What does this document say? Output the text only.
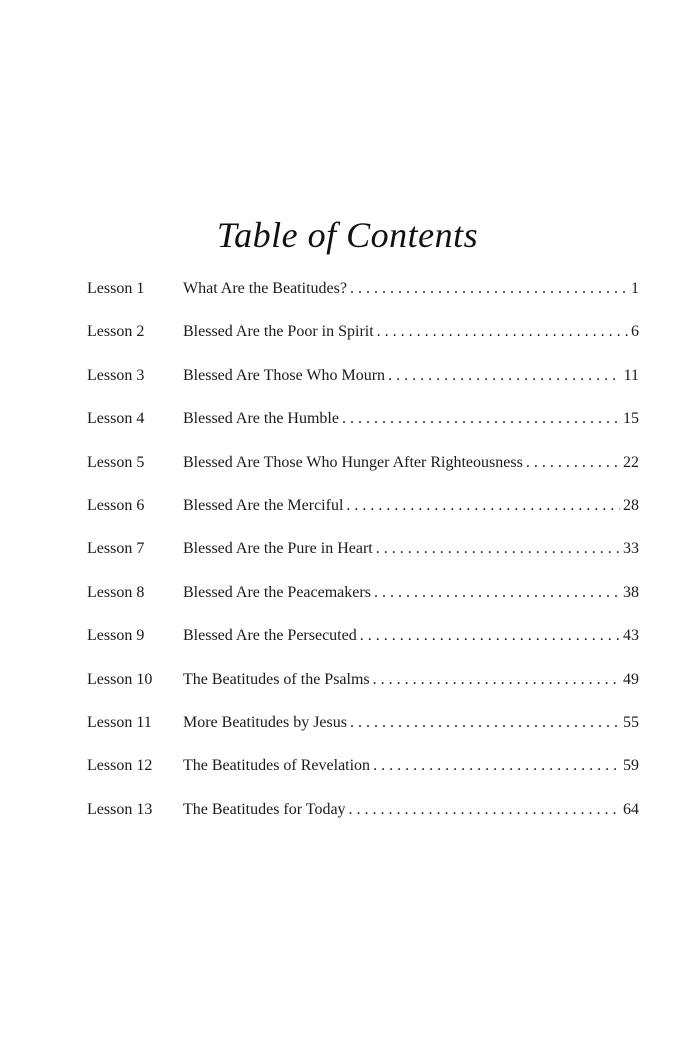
Table of Contents
Lesson 1	What Are the Beatitudes? . . .	1
Lesson 2	Blessed Are the Poor in Spirit . . .	6
Lesson 3	Blessed Are Those Who Mourn . . .	11
Lesson 4	Blessed Are the Humble . . .	15
Lesson 5	Blessed Are Those Who Hunger After Righteousness . . .	22
Lesson 6	Blessed Are the Merciful . . .	28
Lesson 7	Blessed Are the Pure in Heart . . .	33
Lesson 8	Blessed Are the Peacemakers . . .	38
Lesson 9	Blessed Are the Persecuted . . .	43
Lesson 10	The Beatitudes of the Psalms . . .	49
Lesson 11	More Beatitudes by Jesus . . .	55
Lesson 12	The Beatitudes of Revelation . . .	59
Lesson 13	The Beatitudes for Today . . .	64
